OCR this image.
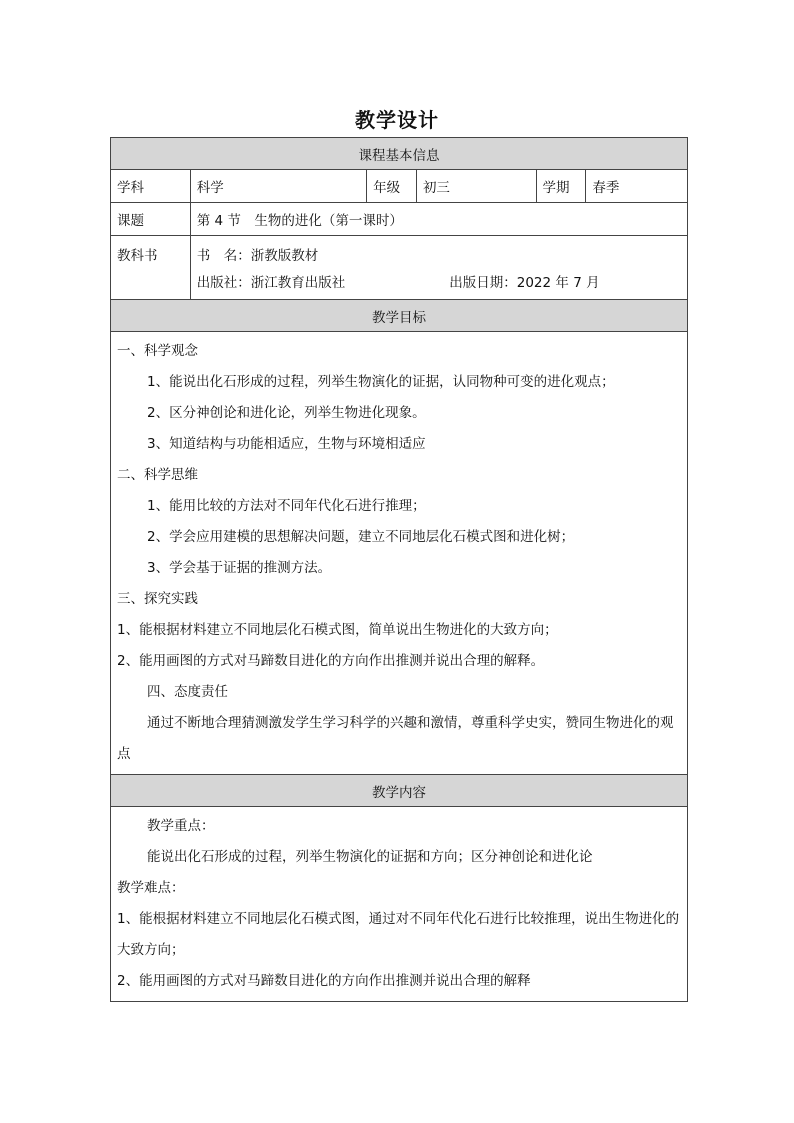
教学设计
课程基本信息
学科	科学	年级	初三	学期	春季
课题	第 4 节　生物的进化（第一课时）
教科书	书　名：浙教版教材
出版社：浙江教育出版社	出版日期：2022 年 7 月
教学目标
一、科学观念
1、能说出化石形成的过程，列举生物演化的证据，认同物种可变的进化观点；
2、区分神创论和进化论，列举生物进化现象。
3、知道结构与功能相适应，生物与环境相适应
二、科学思维
1、能用比较的方法对不同年代化石进行推理；
2、学会应用建模的思想解决问题，建立不同地层化石模式图和进化树；
3、学会基于证据的推测方法。
三、探究实践
1、能根据材料建立不同地层化石模式图，简单说出生物进化的大致方向；
2、能用画图的方式对马蹄数目进化的方向作出推测并说出合理的解释。
四、态度责任
通过不断地合理猜测激发学生学习科学的兴趣和激情，尊重科学史实，赞同生物进化的观点
教学内容
教学重点：
能说出化石形成的过程，列举生物演化的证据和方向；区分神创论和进化论
教学难点：
1、能根据材料建立不同地层化石模式图，通过对不同年代化石进行比较推理，说出生物进化的大致方向；
2、能用画图的方式对马蹄数目进化的方向作出推测并说出合理的解释
